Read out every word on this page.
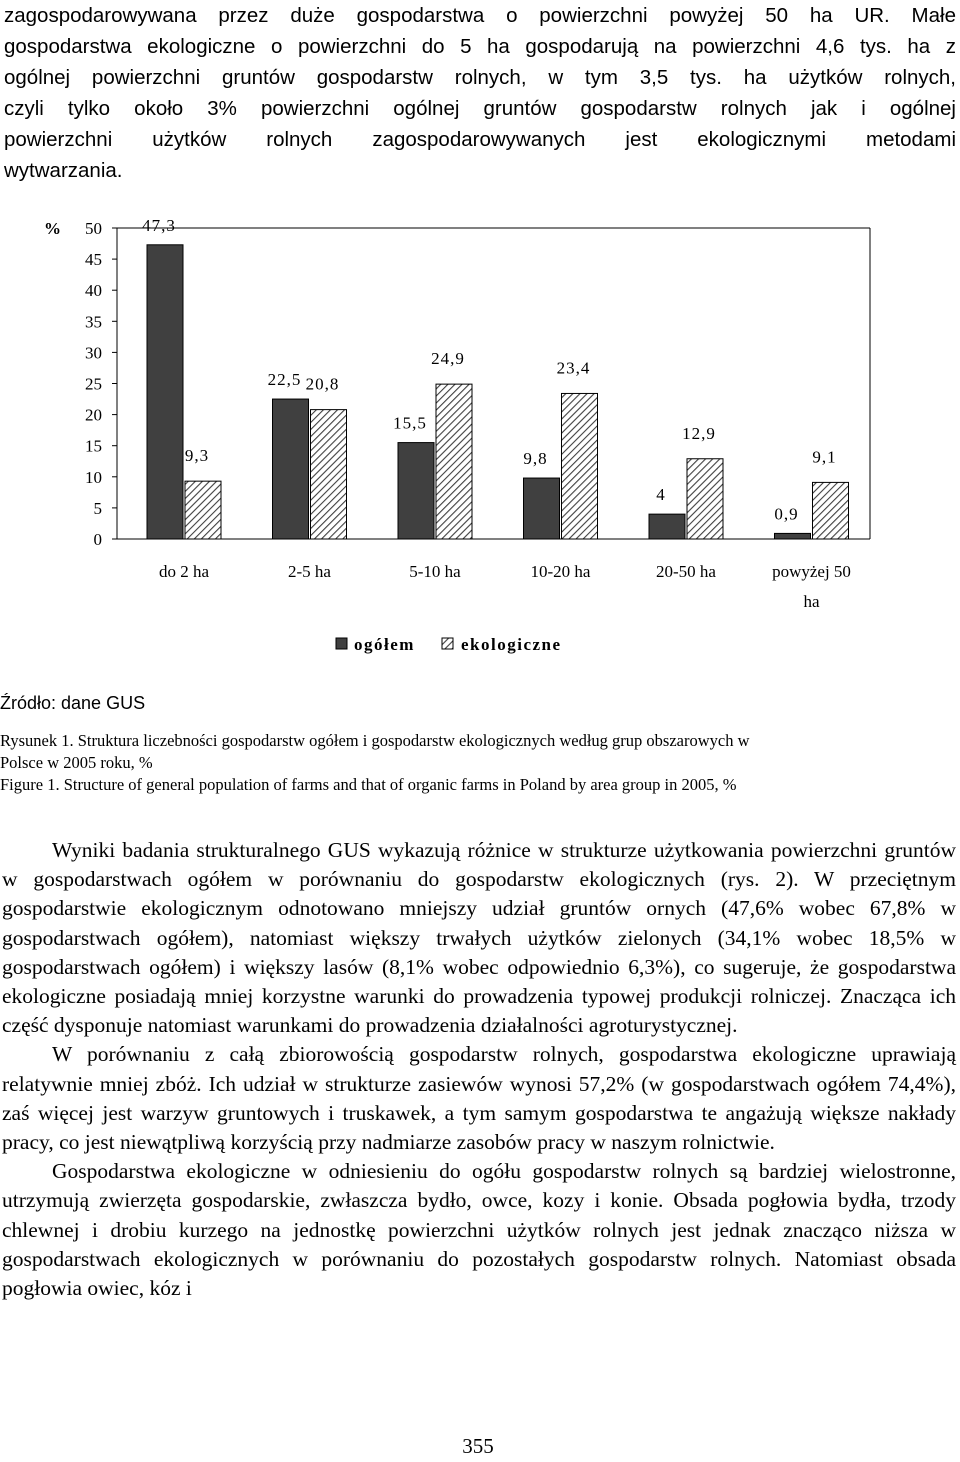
zagospodarowywana przez duże gospodarstwa o powierzchni powyżej 50 ha UR. Małe
gospodarstwa ekologiczne o powierzchni do 5 ha gospodarują na powierzchni 4,6 tys. ha z
ogólnej powierzchni gruntów gospodarstw rolnych, w tym 3,5 tys. ha użytków rolnych,
czyli tylko około 3% powierzchni ogólnej gruntów gospodarstw rolnych jak i ogólnej
powierzchni użytków rolnych zagospodarowywanych jest ekologicznymi metodami
wytwarzania.
0
5
10
15
20
25
30
35
40
45
50
%	47,3
9,3
do 2 ha
22,5 20,8
2-5 ha
15,5
24,9
5-10 ha
9,8
23,4
10-20 ha
4
12,9
20-50 ha
0,9
9,1
powyżej 50
ha
ogółem	ekologiczne
Źródło: dane GUS
Rysunek 1. Struktura liczebności gospodarstw ogółem i gospodarstw ekologicznych według grup obszarowych w
Polsce w 2005 roku, %
Figure 1. Structure of general population of farms and that of organic farms in Poland by area group in 2005, %

Wyniki badania strukturalnego GUS wykazują różnice w strukturze użytkowania powierzchni gruntów w gospodarstwach ogółem w porównaniu do gospodarstw ekologicznych (rys. 2). W przeciętnym gospodarstwie ekologicznym odnotowano mniejszy udział gruntów ornych (47,6% wobec 67,8% w gospodarstwach ogółem), natomiast większy trwałych użytków zielonych (34,1% wobec 18,5% w gospodarstwach ogółem) i większy lasów (8,1% wobec odpowiednio 6,3%), co sugeruje, że gospodarstwa ekologiczne posiadają mniej korzystne warunki do prowadzenia typowej produkcji rolniczej. Znacząca ich część dysponuje natomiast warunkami do prowadzenia działalności agroturystycznej.

W porównaniu z całą zbiorowością gospodarstw rolnych, gospodarstwa ekologiczne uprawiają relatywnie mniej zbóż. Ich udział w strukturze zasiewów wynosi 57,2% (w gospodarstwach ogółem 74,4%), zaś więcej jest warzyw gruntowych i truskawek, a tym samym gospodarstwa te angażują większe nakłady pracy, co jest niewątpliwą korzyścią przy nadmiarze zasobów pracy w naszym rolnictwie.

Gospodarstwa ekologiczne w odniesieniu do ogółu gospodarstw rolnych są bardziej wielostronne, utrzymują zwierzęta gospodarskie, zwłaszcza bydło, owce, kozy i konie. Obsada pogłowia bydła, trzody chlewnej i drobiu kurzego na jednostkę powierzchni użytków rolnych jest jednak znacząco niższa w gospodarstwach ekologicznych w porównaniu do pozostałych gospodarstw rolnych. Natomiast obsada pogłowia owiec, kóz i

355
